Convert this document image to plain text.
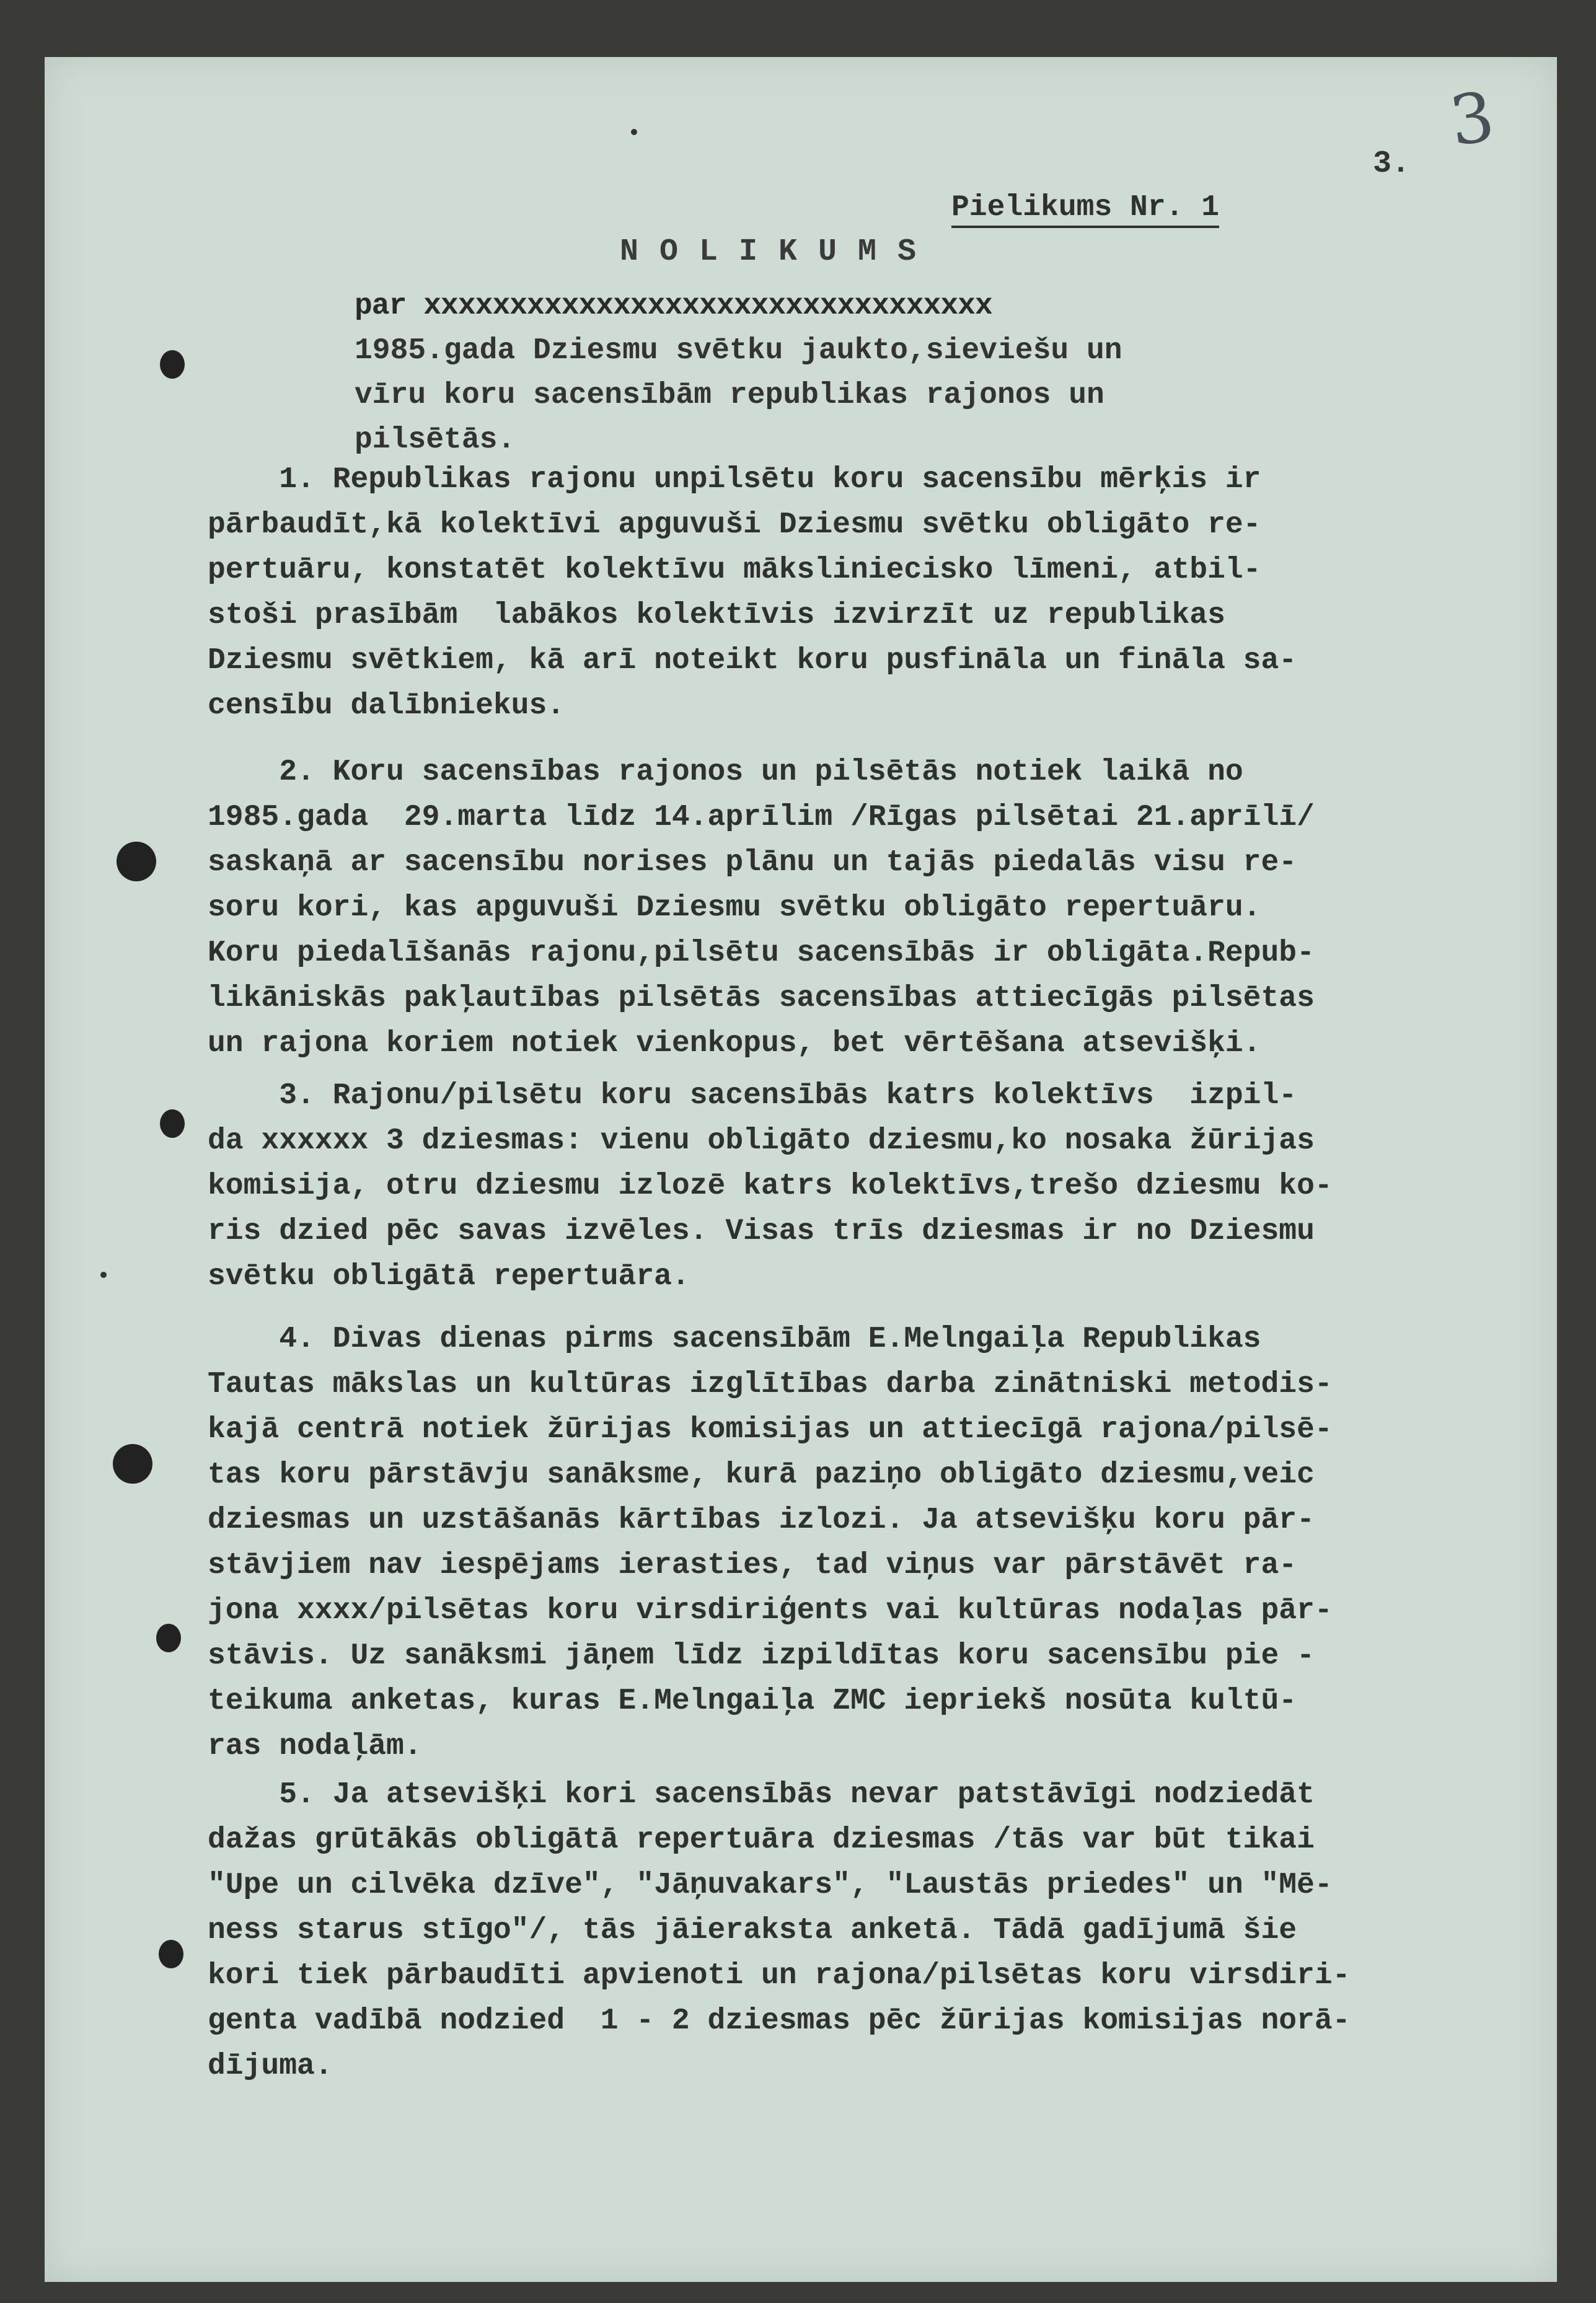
3
3.
Pielikums Nr. 1
NOLIKUMS
par xxxxxxxxxxxxxxxxxxxxxxxxxxxxxxxxx
1985.gada Dziesmu svētku jaukto,sieviešu un
vīru koru sacensībām republikas rajonos un
pilsētās.
1. Republikas rajonu unpilsētu koru sacensību mērķis ir
pārbaudīt,kā kolektīvi apguvuši Dziesmu svētku obligāto re-
pertuāru, konstatēt kolektīvu māksliniecisko līmeni, atbil-
stoši prasībām  labākos kolektīvis izvirzīt uz republikas
Dziesmu svētkiem, kā arī noteikt koru pusfināla un fināla sa-
censību dalībniekus.
2. Koru sacensības rajonos un pilsētās notiek laikā no
1985.gada  29.marta līdz 14.aprīlim /Rīgas pilsētai 21.aprīlī/
saskaņā ar sacensību norises plānu un tajās piedalās visu re-
soru kori, kas apguvuši Dziesmu svētku obligāto repertuāru.
Koru piedalīšanās rajonu,pilsētu sacensībās ir obligāta.Repub-
likāniskās pakļautības pilsētās sacensības attiecīgās pilsētas
un rajona koriem notiek vienkopus, bet vērtēšana atsevišķi.
3. Rajonu/pilsētu koru sacensībās katrs kolektīvs  izpil-
da xxxxxx 3 dziesmas: vienu obligāto dziesmu,ko nosaka žūrijas
komisija, otru dziesmu izlozē katrs kolektīvs,trešo dziesmu ko-
ris dzied pēc savas izvēles. Visas trīs dziesmas ir no Dziesmu
svētku obligātā repertuāra.
4. Divas dienas pirms sacensībām E.Melngaiļa Republikas
Tautas mākslas un kultūras izglītības darba zinātniski metodis-
kajā centrā notiek žūrijas komisijas un attiecīgā rajona/pilsē-
tas koru pārstāvju sanāksme, kurā paziņo obligāto dziesmu,veic
dziesmas un uzstāšanās kārtības izlozi. Ja atsevišķu koru pār-
stāvjiem nav iespējams ierasties, tad viņus var pārstāvēt ra-
jona xxxx/pilsētas koru virsdiriģents vai kultūras nodaļas pār-
stāvis. Uz sanāksmi jāņem līdz izpildītas koru sacensību pie -
teikuma anketas, kuras E.Melngaiļa ZMC iepriekš nosūta kultū-
ras nodaļām.
5. Ja atsevišķi kori sacensībās nevar patstāvīgi nodziedāt
dažas grūtākās obligātā repertuāra dziesmas /tās var būt tikai
"Upe un cilvēka dzīve", "Jāņuvakars", "Laustās priedes" un "Mē-
ness starus stīgo"/, tās jāieraksta anketā. Tādā gadījumā šie
kori tiek pārbaudīti apvienoti un rajona/pilsētas koru virsdiri-
genta vadībā nodzied  1 - 2 dziesmas pēc žūrijas komisijas norā-
dījuma.
